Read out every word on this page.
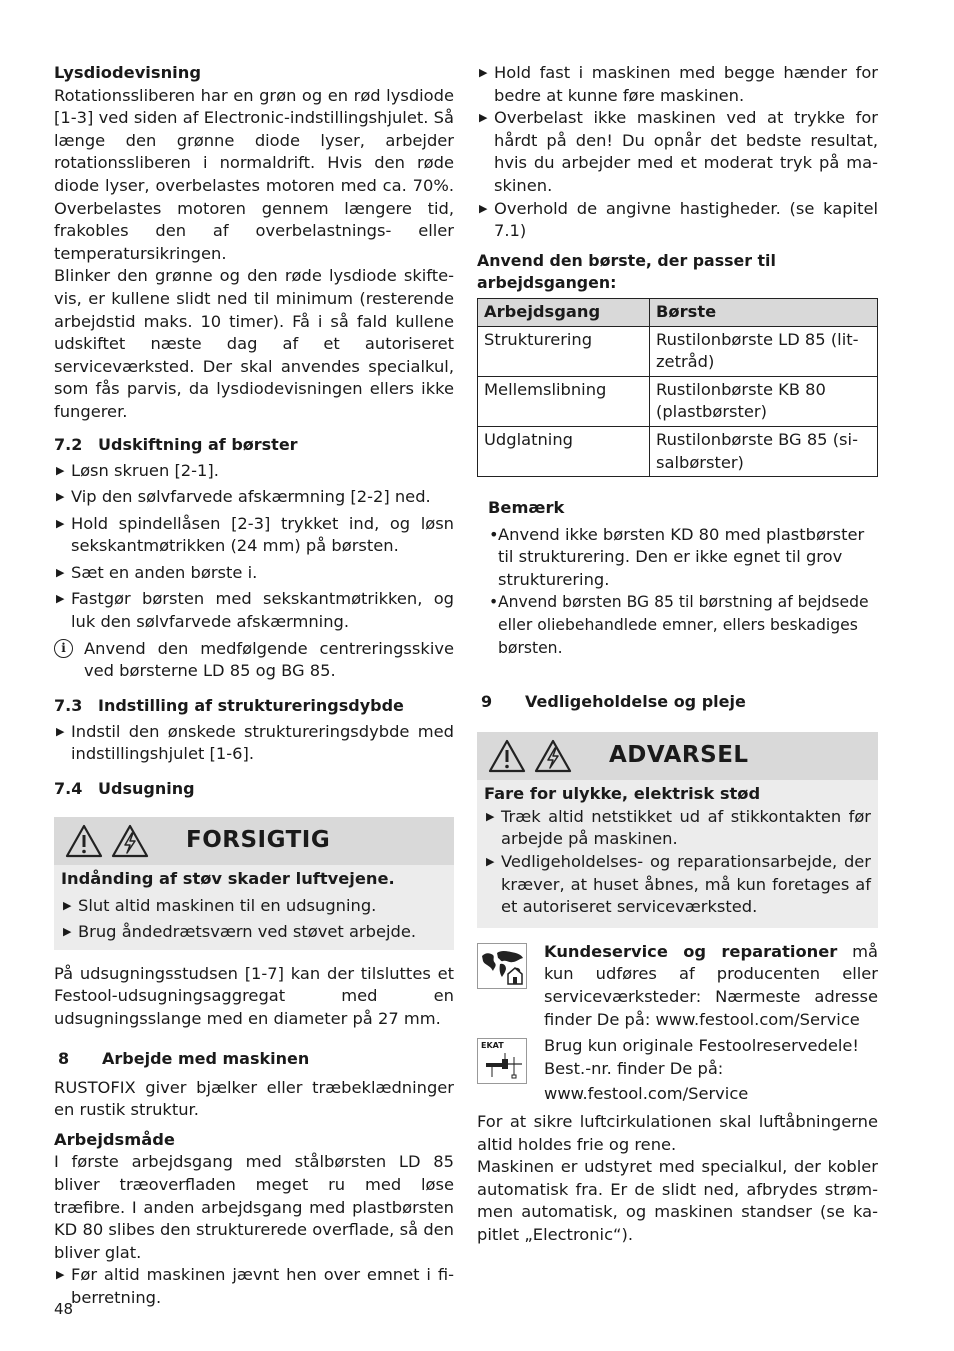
Lysdiodevisning

Rotationssliberen har en grøn og en rød lysdiode [1-3] ved siden af Electronic-indstillingshjulet. Så længe den grønne diode lyser, arbejder rotationssliberen i normaldrift. Hvis den røde diode lyser, overbelastes motoren med ca. 70%. Overbelastes motoren gennem længere tid, frakobles den af overbelastnings- eller temperatursikringen.

Blinker den grønne og den røde lysdiode skiftevis, er kullene slidt ned til minimum (resterende arbejdstid maks. 10 timer). Få i så fald kullene udskiftet næste dag af et autoriseret serviceværksted. Der skal anvendes specialkul, som fås parvis, da lysdiodevisningen ellers ikke fungerer.

7.2 Udskiftning af børster
▶ Løsn skruen [2-1].
▶ Vip den sølvfarvede afskærmning [2-2] ned.
▶ Hold spindellåsen [2-3] trykket ind, og løsn sekskantmøtrikken (24 mm) på børsten.
▶ Sæt en anden børste i.
▶ Fastgør børsten med sekskantmøtrikken, og luk den sølvfarvede afskærmning.
i	Anvend den medfølgende centreringsskive ved børsterne LD 85 og BG 85.
7.3 Indstilling af struktureringsdybde
▶ Indstil den ønskede struktureringsdybde med indstillingshjulet [1-6].
7.4 Udsugning
FORSIGTIG

Indånding af støv skader luftvejene.

▶ Slut altid maskinen til en udsugning.
▶ Brug åndedrætsværn ved støvet arbejde.

På udsugningsstudsen [1-7] kan der tilsluttes et Festool-udsugningsaggregat med en udsugningsslange med en diameter på 27 mm.

8 Arbejde med maskinen

RUSTOFIX giver bjælker eller træbeklædninger en rustik struktur.

Arbejdsmåde

I første arbejdsgang med stålbørsten LD 85 bliver træoverfladen meget ru med løse træfibre. I anden arbejdsgang med plastbørsten KD 80 slibes den strukturerede overflade, så den bliver glat.

▶ Før altid maskinen jævnt hen over emnet i fiberretning.
▶ Hold fast i maskinen med begge hænder for bedre at kunne føre maskinen.
▶ Overbelast ikke maskinen ved at trykke for hårdt på den! Du opnår det bedste resultat, hvis du arbejder med et moderat tryk på maskinen.
▶ Overhold de angivne hastigheder. (se kapitel 7.1)

Anvend den børste, der passer til arbejdsgangen:

Arbejdsgang	Børste
Strukturering	Rustilonbørste LD 85 (litzetråd)
Mellemslibning	Rustilonbørste KB 80 (plastbørster)
Udglatning	Rustilonbørste BG 85 (sisalbørster)

Bemærk

• Anvend ikke børsten KD 80 med plastbørster til strukturering. Den er ikke egnet til grov strukturering.
• Anvend børsten BG 85 til børstning af bejdsede eller oliebehandlede emner, ellers beskadiges børsten.
9 Vedligeholdelse og pleje
ADVARSEL

Fare for ulykke, elektrisk stød

▶ Træk altid netstikket ud af stikkontakten før arbejde på maskinen.
▶ Vedligeholdelses- og reparationsarbejde, der kræver, at huset åbnes, må kun foretages af et autoriseret serviceværksted.

Kundeservice og reparationer må kun udføres af producenten eller serviceværksteder: Nærmeste adresse finder De på: www.festool.com/Service

EKAT Brug kun originale Festoolreservedele! Best.-nr. finder De på:

www.festool.com/Service

For at sikre luftcirkulationen skal luftåbningerne altid holdes frie og rene.

Maskinen er udstyret med specialkul, der kobler automatisk fra. Er de slidt ned, afbrydes strømmen automatisk, og maskinen standser (se kapitlet „Electronic“).

48
